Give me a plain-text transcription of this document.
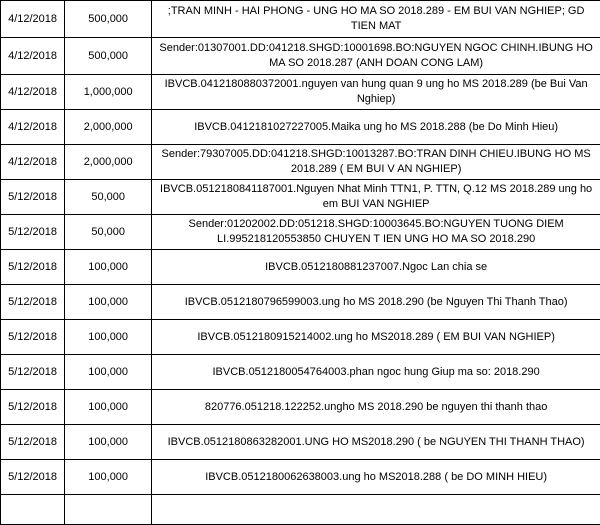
4/12/2018	500,000	;TRAN MINH - HAI PHONG - UNG HO MA SO 2018.289 - EM BUI VAN NGHIEP; GD TIEN MAT
4/12/2018	500,000	Sender:01307001.DD:041218.SHGD:10001698.BO:NGUYEN NGOC CHINH.IBUNG HO MA SO 2018.287 (ANH DOAN CONG LAM)
4/12/2018	1,000,000	IBVCB.0412180880372001.nguyen van hung quan 9 ung ho MS 2018.289 (be Bui Van Nghiep)
4/12/2018	2,000,000	IBVCB.0412181027227005.Maika ung ho MS 2018.288 (be Do Minh Hieu)
4/12/2018	2,000,000	Sender:79307005.DD:041218.SHGD:10013287.BO:TRAN DINH CHIEU.IBUNG HO MS 2018.289 ( EM BUI V AN NGHIEP)
5/12/2018	50,000	IBVCB.0512180841187001.Nguyen Nhat Minh TTN1, P. TTN, Q.12 MS 2018.289 ung ho em BUI VAN NGHIEP
5/12/2018	50,000	Sender:01202002.DD:051218.SHGD:10003645.BO:NGUYEN TUONG DIEM LI.995218120553850 CHUYEN T IEN UNG HO MA SO 2018.290
5/12/2018	100,000	IBVCB.0512180881237007.Ngoc Lan chia se
5/12/2018	100,000	IBVCB.0512180796599003.ung ho MS 2018.290 (be Nguyen Thi Thanh Thao)
5/12/2018	100,000	IBVCB.0512180915214002.ung ho MS2018.289 ( EM BUI VAN NGHIEP)
5/12/2018	100,000	IBVCB.0512180054764003.phan ngoc hung Giup ma so: 2018.290
5/12/2018	100,000	820776.051218.122252.ungho MS 2018.290 be nguyen thi thanh thao
5/12/2018	100,000	IBVCB.0512180863282001.UNG HO MS2018.290 ( be NGUYEN THI THANH THAO)
5/12/2018	100,000	IBVCB.0512180062638003.ung ho MS2018.288 ( be DO MINH HIEU)
